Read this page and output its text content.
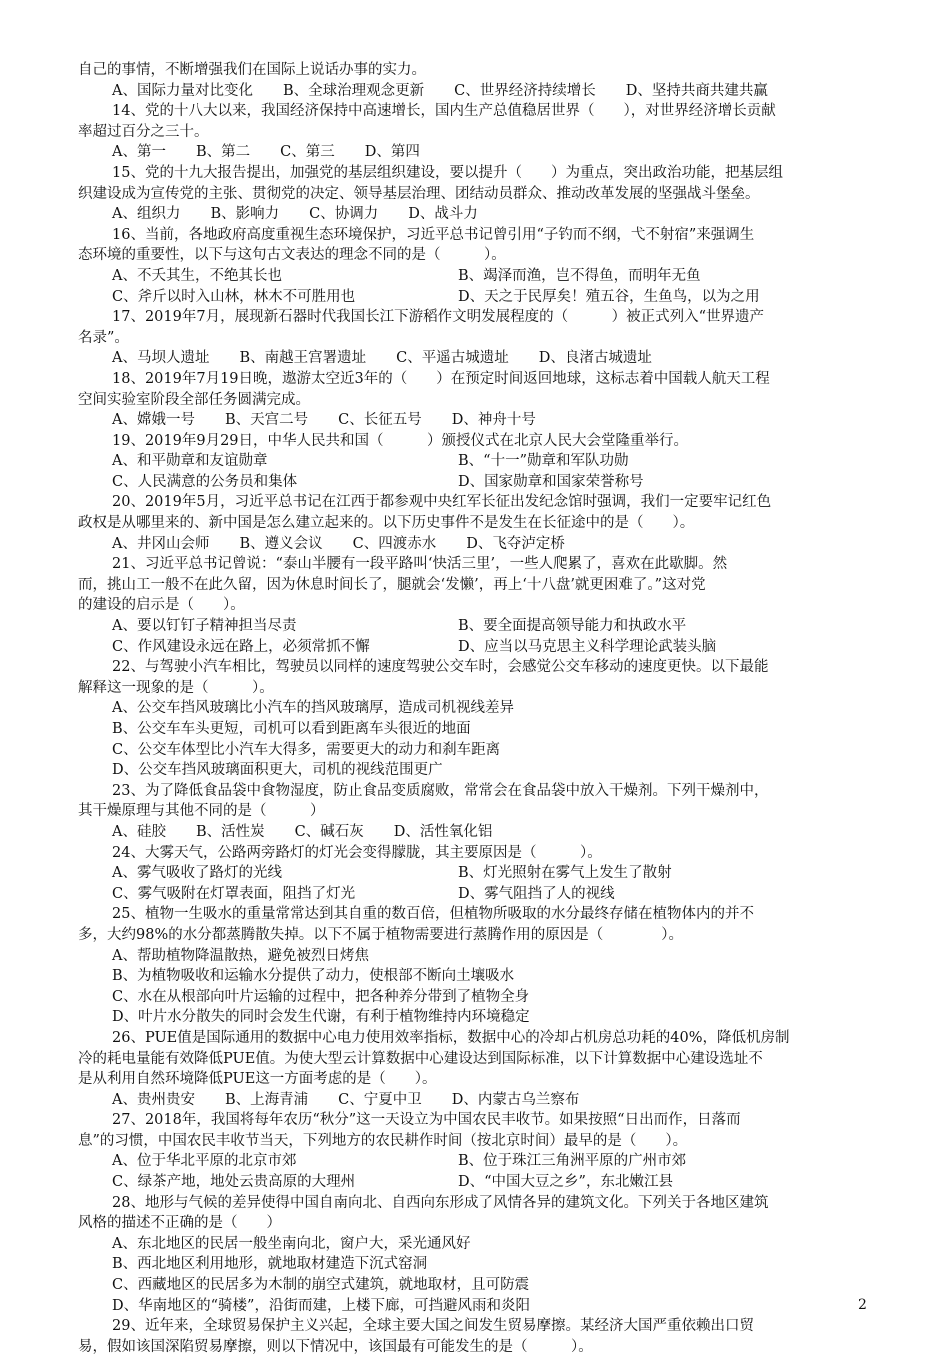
自己的事情，不断增强我们在国际上说话办事的实力。
A、国际力量对比变化 B、全球治理观念更新 C、世界经济持续增长 D、坚持共商共建共赢
14、党的十八大以来，我国经济保持中高速增长，国内生产总值稳居世界（　　），对世界经济增长贡献
率超过百分之三十。
A、第一 B、第二 C、第三 D、第四
15、党的十九大报告提出，加强党的基层组织建设，要以提升（　　）为重点，突出政治功能，把基层组
织建设成为宣传党的主张、贯彻党的决定、领导基层治理、团结动员群众、推动改革发展的坚强战斗堡垒。
A、组织力 B、影响力 C、协调力 D、战斗力
16、当前，各地政府高度重视生态环境保护，习近平总书记曾引用“子钓而不纲，弋不射宿”来强调生
态环境的重要性，以下与这句古文表达的理念不同的是（　　　）。
A、不夭其生，不绝其长也	B、竭泽而渔，岂不得鱼，而明年无鱼
C、斧斤以时入山林，林木不可胜用也	D、天之于民厚矣！殖五谷，生鱼鸟，以为之用
17、2019年7月，展现新石器时代我国长江下游稻作文明发展程度的（　　　）被正式列入“世界遗产
名录”。
A、马坝人遗址 B、南越王宫署遗址 C、平遥古城遗址 D、良渚古城遗址
18、2019年7月19日晚，遨游太空近3年的（　　）在预定时间返回地球，这标志着中国载人航天工程
空间实验室阶段全部任务圆满完成。
A、嫦娥一号 B、天宫二号 C、长征五号 D、神舟十号
19、2019年9月29日，中华人民共和国（　　　）颁授仪式在北京人民大会堂隆重举行。
A、和平勋章和友谊勋章	B、“十一”勋章和军队功勋
C、人民满意的公务员和集体	D、国家勋章和国家荣誉称号
20、2019年5月，习近平总书记在江西于都参观中央红军长征出发纪念馆时强调，我们一定要牢记红色
政权是从哪里来的、新中国是怎么建立起来的。以下历史事件不是发生在长征途中的是（　　）。
A、井冈山会师 B、遵义会议 C、四渡赤水 D、飞夺泸定桥
21、习近平总书记曾说：“泰山半腰有一段平路叫‘快活三里’，一些人爬累了，喜欢在此歇脚。然
而，挑山工一般不在此久留，因为休息时间长了，腿就会‘发懒’，再上‘十八盘’就更困难了。”这对党
的建设的启示是（　　）。
A、要以钉钉子精神担当尽责	B、要全面提高领导能力和执政水平
C、作风建设永远在路上，必须常抓不懈	D、应当以马克思主义科学理论武装头脑
22、与驾驶小汽车相比，驾驶员以同样的速度驾驶公交车时，会感觉公交车移动的速度更快。以下最能
解释这一现象的是（　　　）。
A、公交车挡风玻璃比小汽车的挡风玻璃厚，造成司机视线差异
B、公交车车头更短，司机可以看到距离车头很近的地面
C、公交车体型比小汽车大得多，需要更大的动力和刹车距离
D、公交车挡风玻璃面积更大，司机的视线范围更广
23、为了降低食品袋中食物湿度，防止食品变质腐败，常常会在食品袋中放入干燥剂。下列干燥剂中，
其干燥原理与其他不同的是（　　　）
A、硅胶 B、活性炭 C、碱石灰 D、活性氧化铝
24、大雾天气，公路两旁路灯的灯光会变得朦胧，其主要原因是（　　　）。
A、雾气吸收了路灯的光线	B、灯光照射在雾气上发生了散射
C、雾气吸附在灯罩表面，阻挡了灯光	D、雾气阻挡了人的视线
25、植物一生吸水的重量常常达到其自重的数百倍，但植物所吸取的水分最终存储在植物体内的并不
多，大约98%的水分都蒸腾散失掉。以下不属于植物需要进行蒸腾作用的原因是（　　　　）。
A、帮助植物降温散热，避免被烈日烤焦
B、为植物吸收和运输水分提供了动力，使根部不断向土壤吸水
C、水在从根部向叶片运输的过程中，把各种养分带到了植物全身
D、叶片水分散失的同时会发生代谢，有利于植物维持内环境稳定
26、PUE值是国际通用的数据中心电力使用效率指标，数据中心的冷却占机房总功耗的40%，降低机房制
冷的耗电量能有效降低PUE值。为使大型云计算数据中心建设达到国际标准，以下计算数据中心建设选址不
是从利用自然环境降低PUE这一方面考虑的是（　　）。
A、贵州贵安 B、上海青浦 C、宁夏中卫 D、内蒙古乌兰察布
27、2018年，我国将每年农历“秋分”这一天设立为中国农民丰收节。如果按照“日出而作，日落而
息”的习惯，中国农民丰收节当天，下列地方的农民耕作时间（按北京时间）最早的是（　　）。
A、位于华北平原的北京市郊	B、位于珠江三角洲平原的广州市郊
C、绿茶产地，地处云贵高原的大理州	D、“中国大豆之乡”，东北嫩江县
28、地形与气候的差异使得中国自南向北、自西向东形成了风情各异的建筑文化。下列关于各地区建筑
风格的描述不正确的是（　　）
A、东北地区的民居一般坐南向北，窗户大，采光通风好
B、西北地区利用地形，就地取材建造下沉式窑洞
C、西藏地区的民居多为木制的崩空式建筑，就地取材，且可防震
D、华南地区的“骑楼”，沿街而建，上楼下廊，可挡避风雨和炎阳
29、近年来，全球贸易保护主义兴起，全球主要大国之间发生贸易摩擦。某经济大国严重依赖出口贸
易，假如该国深陷贸易摩擦，则以下情况中，该国最有可能发生的是（　　　）。
2
